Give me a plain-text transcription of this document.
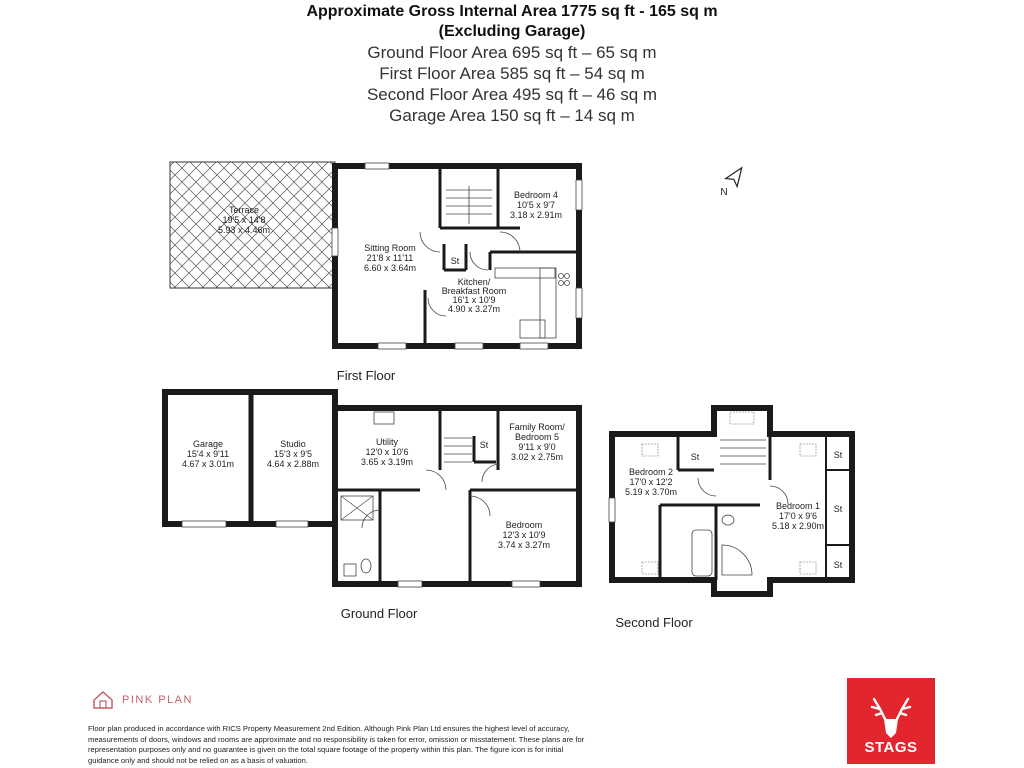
Approximate Gross Internal Area 1775 sq ft - 165 sq m
(Excluding Garage)
Ground Floor Area 695 sq ft – 65 sq m
First Floor Area 585 sq ft – 54 sq m
Second Floor Area 495 sq ft – 46 sq m
Garage Area 150 sq ft – 14 sq m
N
Terrace
19'5 x 14'8
5.93 x 4.46m
Sitting Room
21'8 x 11'11
6.60 x 3.64m
Bedroom 4
10'5 x 9'7
3.18 x 2.91m
St
Kitchen/
Breakfast Room
16'1 x 10'9
4.90 x 3.27m
First Floor
Garage
15'4 x 9'11
4.67 x 3.01m
Studio
15'3 x 9'5
4.64 x 2.88m
Utility
12'0 x 10'6
3.65 x 3.19m
St
Family Room/
Bedroom 5
9'11 x 9'0
3.02 x 2.75m
Bedroom
12'3 x 10'9
3.74 x 3.27m
Ground Floor
Bedroom 2
17'0 x 12'2
5.19 x 3.70m
Bedroom 1
17'0 x 9'6
5.18 x 2.90m
St	St
St
St
Second Floor
PINK PLAN
Floor plan produced in accordance with RICS Property Measurement 2nd Edition. Although Pink Plan Ltd ensures the highest level of accuracy, measurements of doors, windows and rooms are approximate and no responsibility is taken for error, omission or misstatement. These plans are for representation purposes only and no guarantee is given on the total square footage of the property within this plan. The figure icon is for initial guidance only and should not be relied on as a basis of valuation.
STAGS
